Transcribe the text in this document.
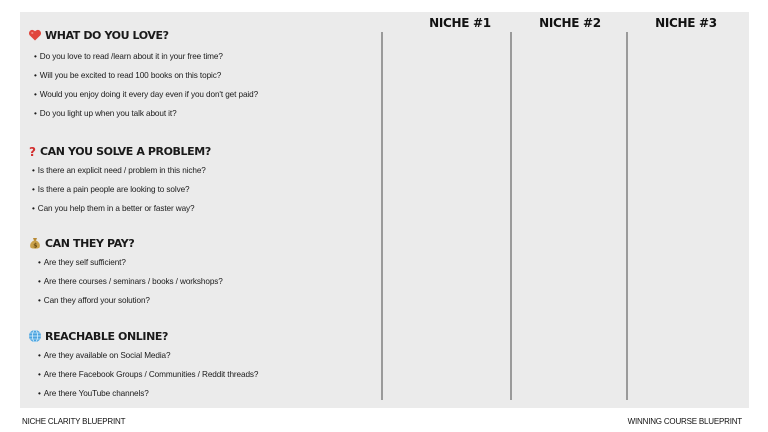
NICHE #1	NICHE #2	NICHE #3
WHAT DO YOU LOVE?
• Do you love to read /learn about it in your free time?
• Will you be excited to read 100 books on this topic?
• Would you enjoy doing it every day even if you don't get paid?
• Do you light up when you talk about it?
? CAN YOU SOLVE A PROBLEM?
• Is there an explicit need / problem in this niche?
• Is there a pain people are looking to solve?
• Can you help them in a better or faster way?
$ CAN THEY PAY?
• Are they self sufficient?
• Are there courses / seminars / books / workshops?
• Can they afford your solution?
REACHABLE ONLINE?
• Are they available on Social Media?
• Are there Facebook Groups / Communities / Reddit threads?
• Are there YouTube channels?
NICHE CLARITY BLUEPRINT	WINNING COURSE BLUEPRINT
